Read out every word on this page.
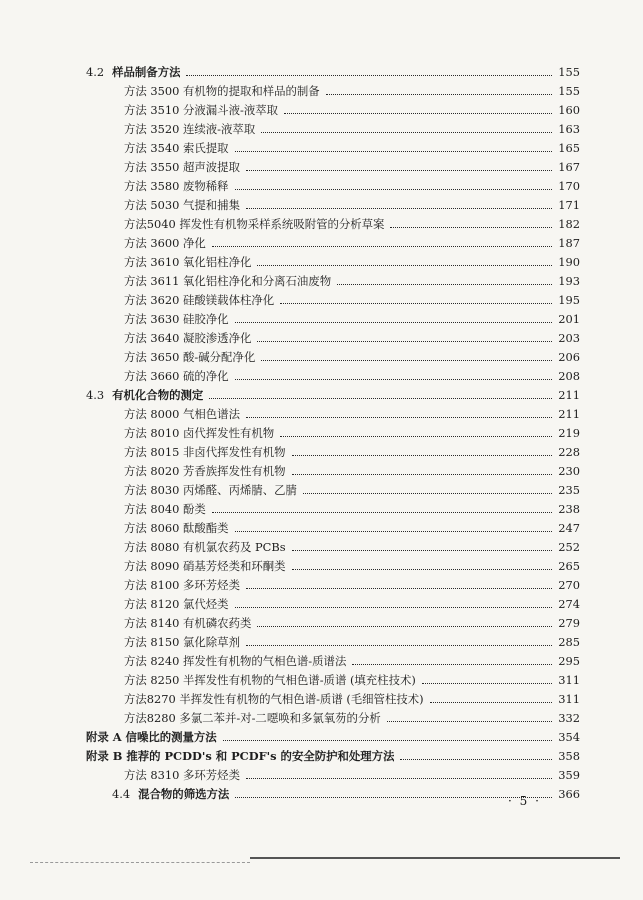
4.2 样品制备方法	155
方法 3500 有机物的提取和样品的制备	155
方法 3510 分液漏斗液-液萃取	160
方法 3520 连续液-液萃取	163
方法 3540 索氏提取	165
方法 3550 超声波提取	167
方法 3580 废物稀释	170
方法 5030 气提和捕集	171
方法5040 挥发性有机物采样系统吸附管的分析草案	182
方法 3600 净化	187
方法 3610 氧化铝柱净化	190
方法 3611 氧化铝柱净化和分离石油废物	193
方法 3620 硅酸镁载体柱净化	195
方法 3630 硅胶净化	201
方法 3640 凝胶渗透净化	203
方法 3650 酸-碱分配净化	206
方法 3660 硫的净化	208
4.3 有机化合物的测定	211
方法 8000 气相色谱法	211
方法 8010 卤代挥发性有机物	219
方法 8015 非卤代挥发性有机物	228
方法 8020 芳香族挥发性有机物	230
方法 8030 丙烯醛、丙烯腈、乙腈	235
方法 8040 酚类	238
方法 8060 酞酸酯类	247
方法 8080 有机氯农药及 PCBs	252
方法 8090 硝基芳烃类和环酮类	265
方法 8100 多环芳烃类	270
方法 8120 氯代烃类	274
方法 8140 有机磷农药类	279
方法 8150 氯化除草剂	285
方法 8240 挥发性有机物的气相色谱-质谱法	295
方法 8250 半挥发性有机物的气相色谱-质谱 (填充柱技术)	311
方法8270 半挥发性有机物的气相色谱-质谱 (毛细管柱技术)	311
方法8280 多氯二苯并-对-二噁唤和多氯氧芴的分析	332
附录 A 信噪比的测量方法	354
附录 B 推荐的 PCDD's 和 PCDF's 的安全防护和处理方法	358
方法 8310 多环芳烃类	359
4.4 混合物的筛选方法	366
· 5 ·
